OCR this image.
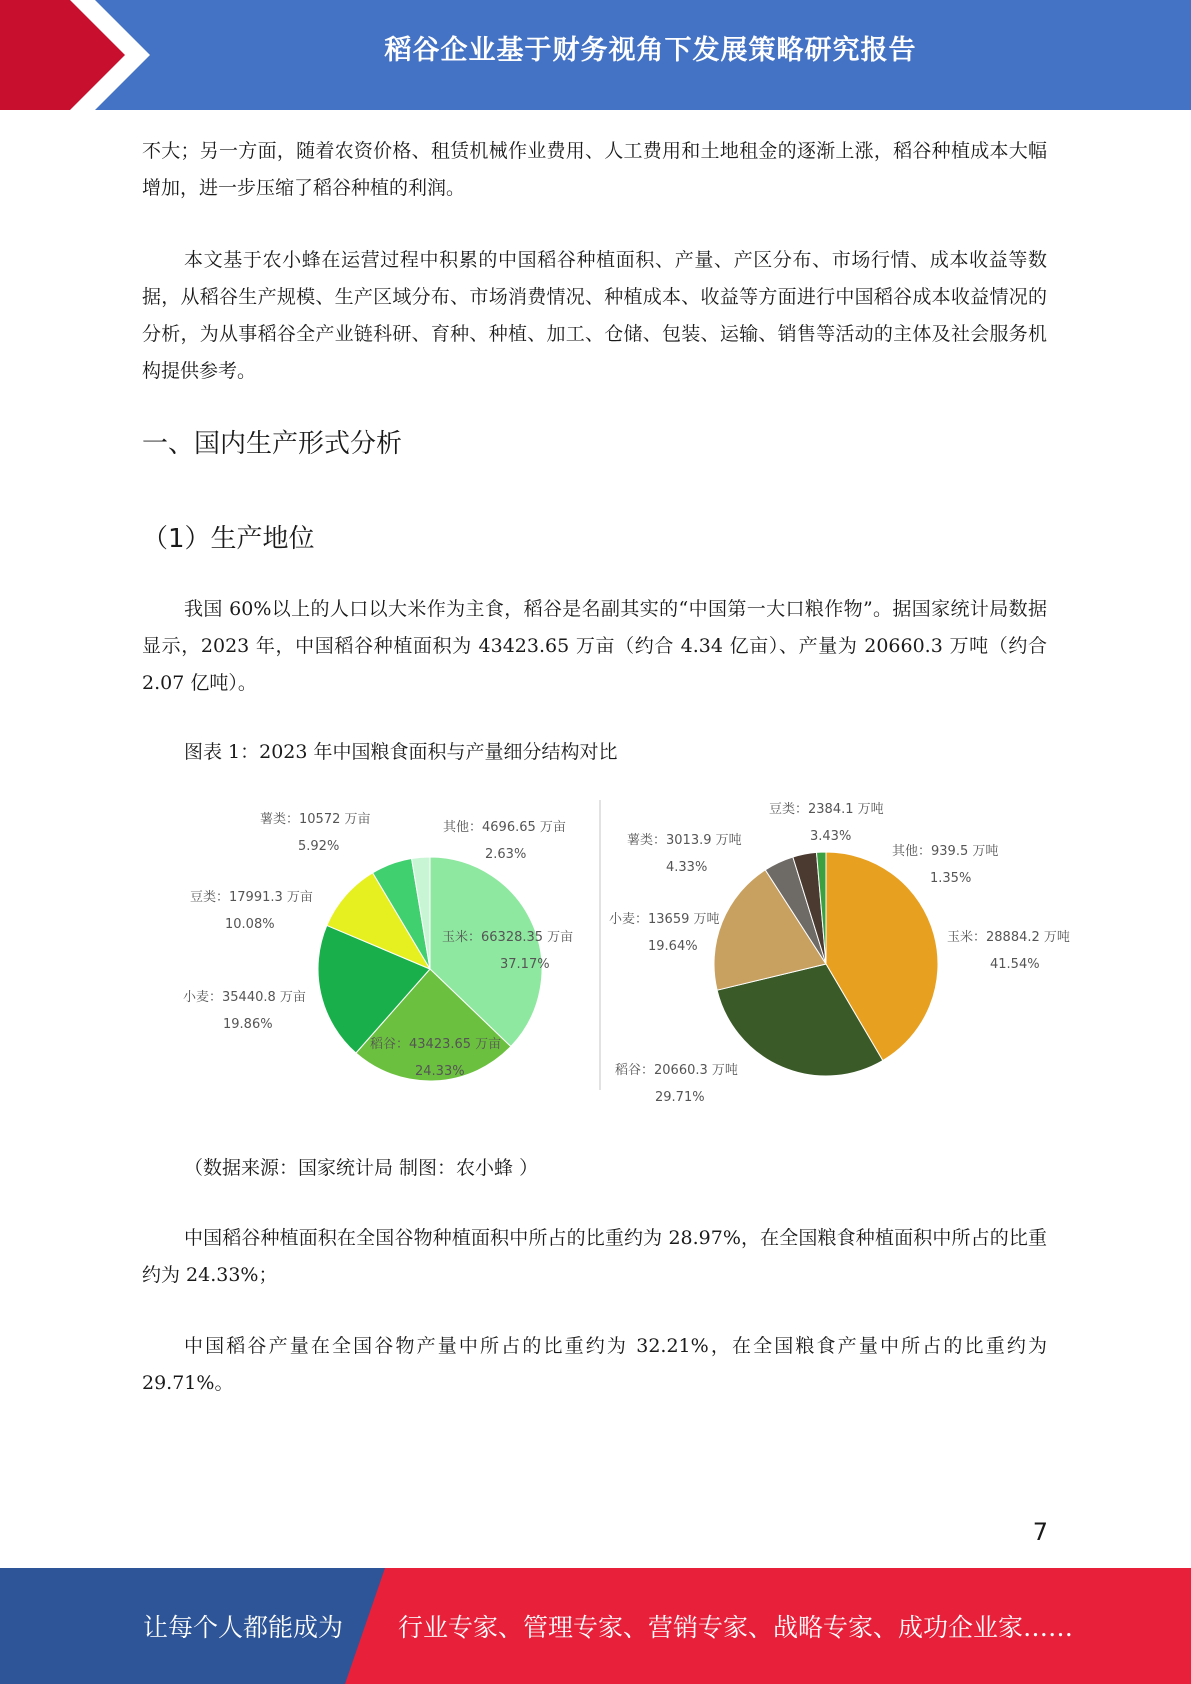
稻谷企业基于财务视角下发展策略研究报告

不大；另一方面，随着农资价格、租赁机械作业费用、人工费用和土地租金的逐渐上涨，稻谷种植成本大幅增加，进一步压缩了稻谷种植的利润。

本文基于农小蜂在运营过程中积累的中国稻谷种植面积、产量、产区分布、市场行情、成本收益等数据，从稻谷生产规模、生产区域分布、市场消费情况、种植成本、收益等方面进行中国稻谷成本收益情况的分析，为从事稻谷全产业链科研、育种、种植、加工、仓储、包装、运输、销售等活动的主体及社会服务机构提供参考。

一、国内生产形式分析
（1）生产地位

我国 60%以上的人口以大米作为主食，稻谷是名副其实的“中国第一大口粮作物”。据国家统计局数据显示，2023 年，中国稻谷种植面积为 43423.65 万亩（约合 4.34 亿亩）、产量为 20660.3 万吨（约合 2.07 亿吨）。

图表 1：2023 年中国粮食面积与产量细分结构对比
玉米：66328.35 万亩
37.17%
稻谷：43423.65 万亩
24.33%
小麦：35440.8 万亩
19.86%
豆类：17991.3 万亩
10.08%
薯类：10572 万亩
5.92%
其他：4696.65 万亩
2.63%
玉米：28884.2 万吨
41.54%
稻谷：20660.3 万吨
29.71%
小麦：13659 万吨
19.64%
薯类：3013.9 万吨
4.33%
豆类：2384.1 万吨
3.43%
其他：939.5 万吨
1.35%
（数据来源：国家统计局 制图：农小蜂 ）

中国稻谷种植面积在全国谷物种植面积中所占的比重约为 28.97%，在全国粮食种植面积中所占的比重约为 24.33%；

中国稻谷产量在全国谷物产量中所占的比重约为 32.21%，在全国粮食产量中所占的比重约为 29.71%。

7
让每个人都能成为 行业专家、管理专家、营销专家、战略专家、成功企业家……
